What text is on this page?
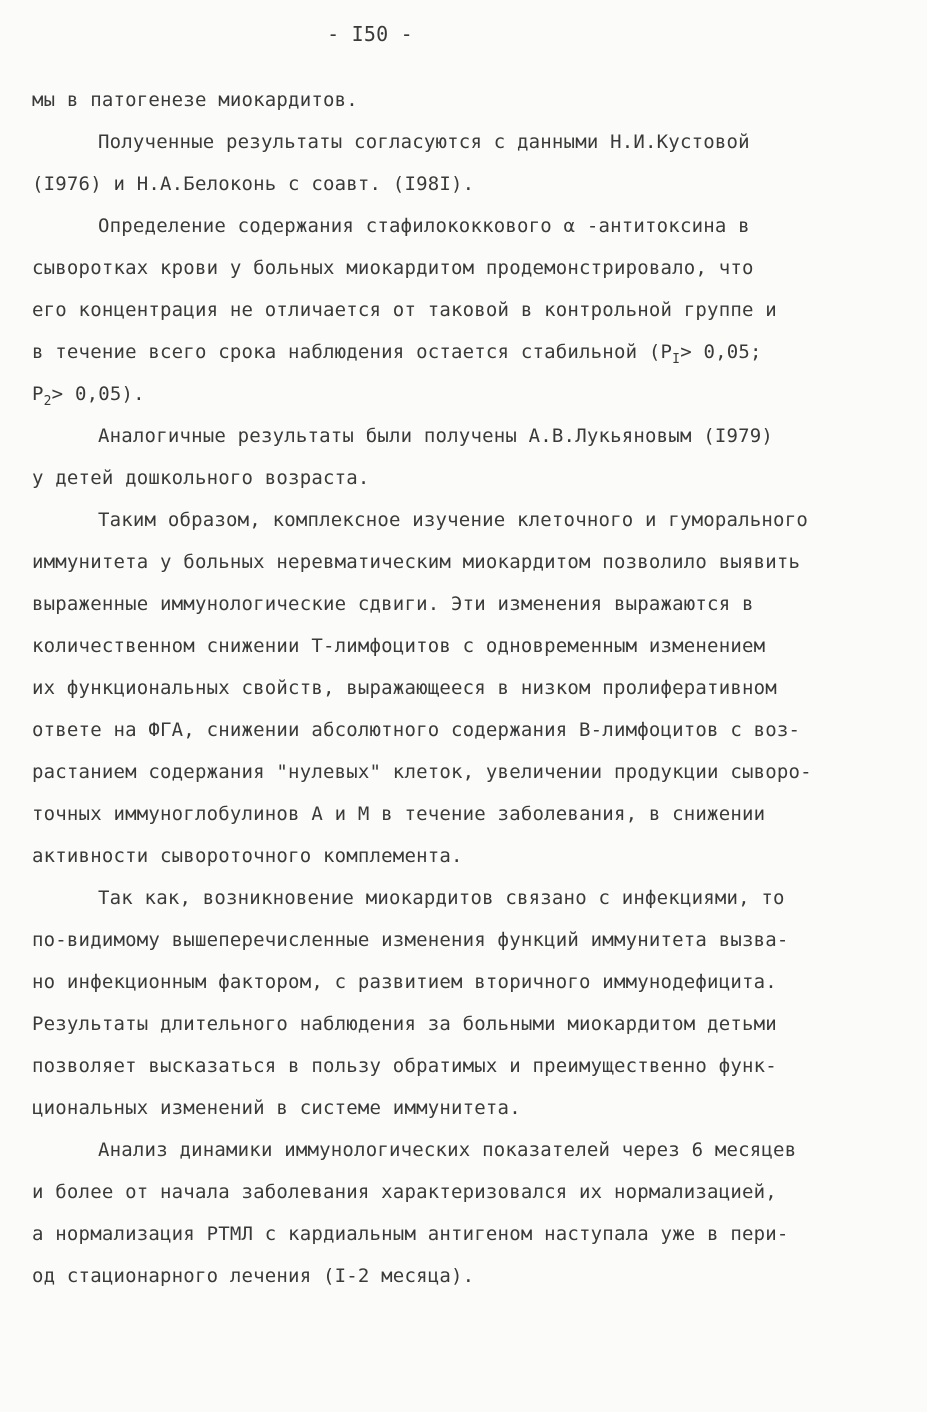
- I50 -
мы в патогенезе миокардитов.
Полученные результаты согласуются с данными Н.И.Кустовой
(I976) и Н.А.Белоконь с соавт. (I98I).
Определение содержания стафилококкового α -антитоксина в
сыворотках крови у больных миокардитом продемонстрировало, что
его концентрация не отличается от таковой в контрольной группе и
в течение всего срока наблюдения остается стабильной ($P_I> 0,05$;
$P_2> 0,05$).
Аналогичные результаты были получены А.В.Лукьяновым (I979)
у детей дошкольного возраста.
Таким образом, комплексное изучение клеточного и гуморального
иммунитета у больных неревматическим миокардитом позволило выявить
выраженные иммунологические сдвиги. Эти изменения выражаются в
количественном снижении Т-лимфоцитов с одновременным изменением
их функциональных свойств, выражающееся в низком пролиферативном
ответе на ФГА, снижении абсолютного содержания В-лимфоцитов с воз-
растанием содержания "нулевых" клеток, увеличении продукции сыворо-
точных иммуноглобулинов А и М в течение заболевания, в снижении
активности сывороточного комплемента.
Так как, возникновение миокардитов связано с инфекциями, то
по-видимому вышеперечисленные изменения функций иммунитета вызва-
но инфекционным фактором, с развитием вторичного иммунодефицита.
Результаты длительного наблюдения за больными миокардитом детьми
позволяет высказаться в пользу обратимых и преимущественно функ-
циональных изменений в системе иммунитета.
Анализ динамики иммунологических показателей через 6 месяцев
и более от начала заболевания характеризовался их нормализацией,
а нормализация РТМЛ с кардиальным антигеном наступала уже в пери-
од стационарного лечения (I-2 месяца).
